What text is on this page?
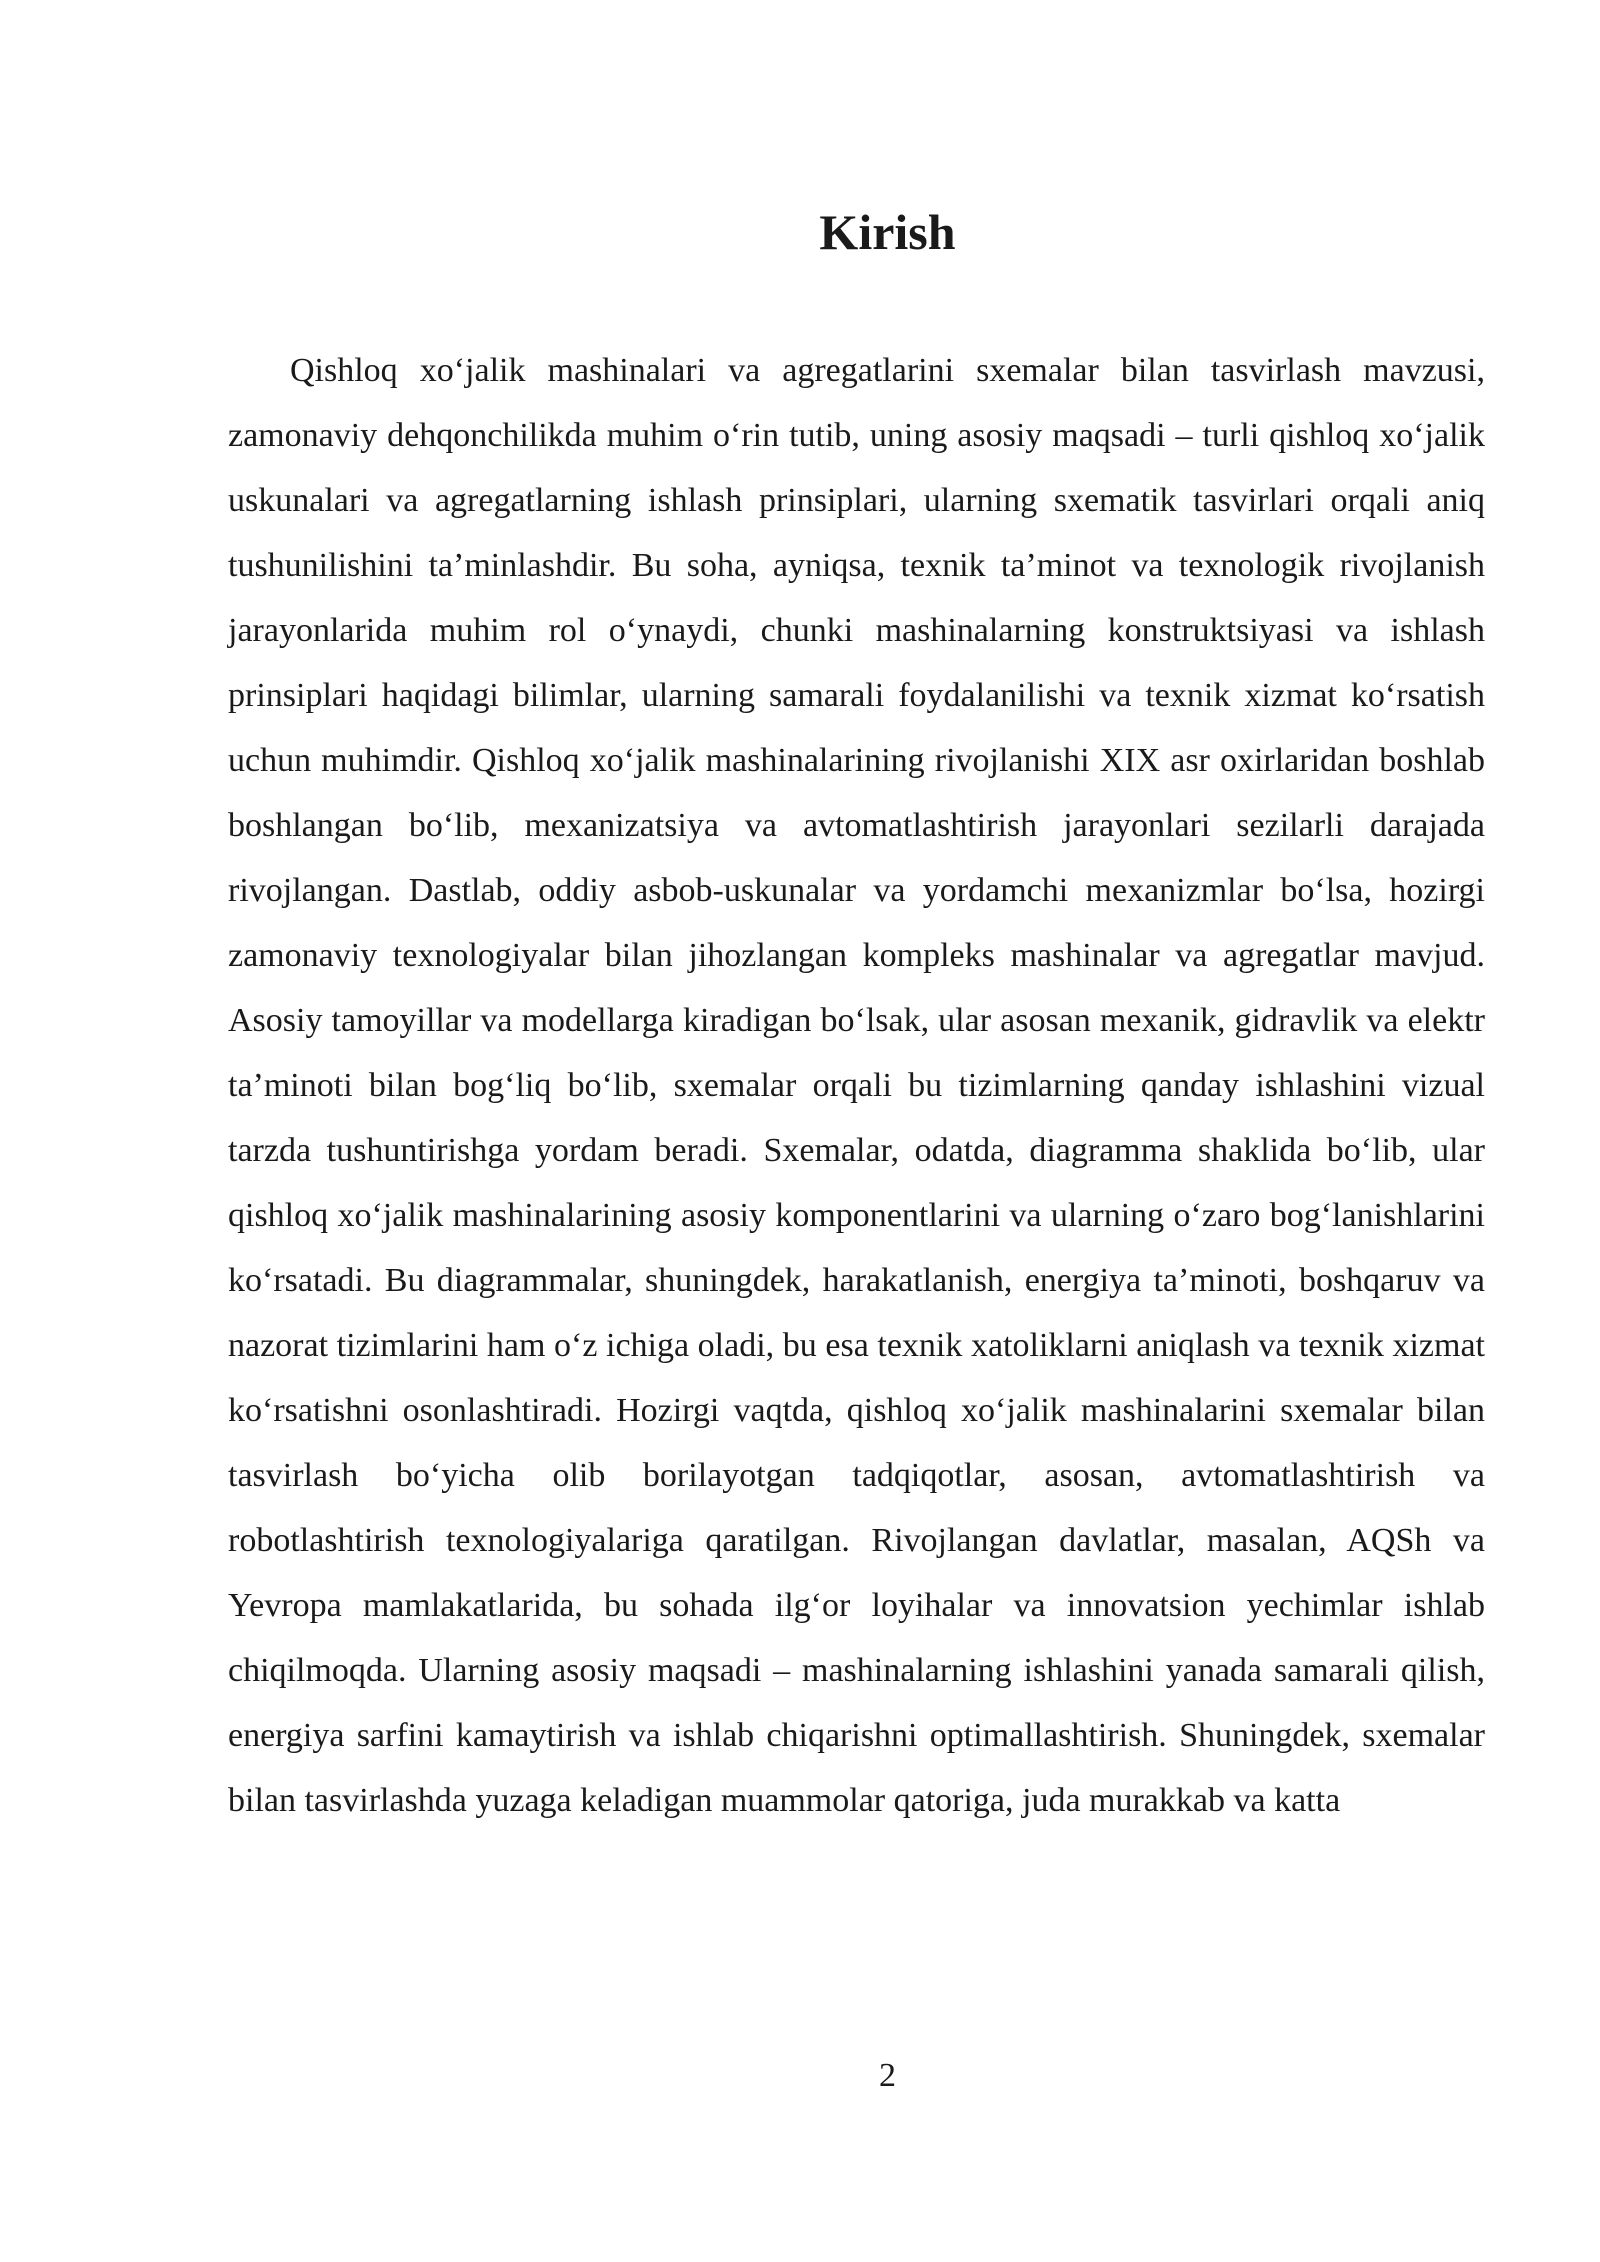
Kirish

Qishloq xo‘jalik mashinalari va agregatlarini sxemalar bilan tasvirlash mavzusi, zamonaviy dehqonchilikda muhim o‘rin tutib, uning asosiy maqsadi – turli qishloq xo‘jalik uskunalari va agregatlarning ishlash prinsiplari, ularning sxematik tasvirlari orqali aniq tushunilishini ta’minlashdir. Bu soha, ayniqsa, texnik ta’minot va texnologik rivojlanish jarayonlarida muhim rol o‘ynaydi, chunki mashinalarning konstruktsiyasi va ishlash prinsiplari haqidagi bilimlar, ularning samarali foydalanilishi va texnik xizmat ko‘rsatish uchun muhimdir. Qishloq xo‘jalik mashinalarining rivojlanishi XIX asr oxirlaridan boshlab boshlangan bo‘lib, mexanizatsiya va avtomatlashtirish jarayonlari sezilarli darajada rivojlangan. Dastlab, oddiy asbob-uskunalar va yordamchi mexanizmlar bo‘lsa, hozirgi zamonaviy texnologiyalar bilan jihozlangan kompleks mashinalar va agregatlar mavjud. Asosiy tamoyillar va modellarga kiradigan bo‘lsak, ular asosan mexanik, gidravlik va elektr ta’minoti bilan bog‘liq bo‘lib, sxemalar orqali bu tizimlarning qanday ishlashini vizual tarzda tushuntirishga yordam beradi. Sxemalar, odatda, diagramma shaklida bo‘lib, ular qishloq xo‘jalik mashinalarining asosiy komponentlarini va ularning o‘zaro bog‘lanishlarini ko‘rsatadi. Bu diagrammalar, shuningdek, harakatlanish, energiya ta’minoti, boshqaruv va nazorat tizimlarini ham o‘z ichiga oladi, bu esa texnik xatoliklarni aniqlash va texnik xizmat ko‘rsatishni osonlashtiradi. Hozirgi vaqtda, qishloq xo‘jalik mashinalarini sxemalar bilan tasvirlash bo‘yicha olib borilayotgan tadqiqotlar, asosan, avtomatlashtirish va robotlashtirish texnologiyalariga qaratilgan. Rivojlangan davlatlar, masalan, AQSh va Yevropa mamlakatlarida, bu sohada ilg‘or loyihalar va innovatsion yechimlar ishlab chiqilmoqda. Ularning asosiy maqsadi – mashinalarning ishlashini yanada samarali qilish, energiya sarfini kamaytirish va ishlab chiqarishni optimallashtirish. Shuningdek, sxemalar bilan tasvirlashda yuzaga keladigan muammolar qatoriga, juda murakkab va katta

2
